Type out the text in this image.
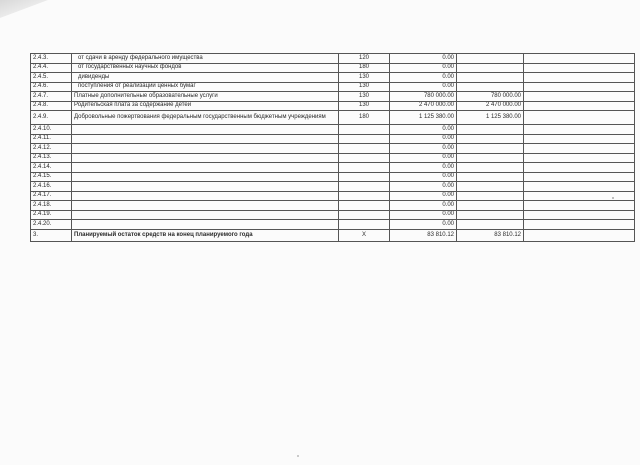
2.4.3.	от сдачи в аренду федерального имущества	120	0.00		
2.4.4.	от государственных научных фондов	180	0.00		
2.4.5.	дивиденды	130	0.00		
2.4.6.	поступления от реализации ценных бумаг	130	0.00		
2.4.7.	Платные дополнительные образовательные услуги	130	780 000.00	780 000.00	
2.4.8.	Родительская плата за содержание детей	130	2 470 000.00	2 470 000.00	
2.4.9.	Добровольные пожертвования федеральным государственным бюджетным учреждениям	180	1 125 380.00	1 125 380.00	
2.4.10.			0.00		
2.4.11.			0.00		
2.4.12.			0.00		
2.4.13.			0.00		
2.4.14.			0.00		
2.4.15.			0.00		
2.4.16.			0.00		
2.4.17.			0.00		
2.4.18.			0.00		
2.4.19.			0.00		
2.4.20.			0.00		
3.	Планируемый остаток средств на конец планируемого года	X	83 810.12	83 810.12	
